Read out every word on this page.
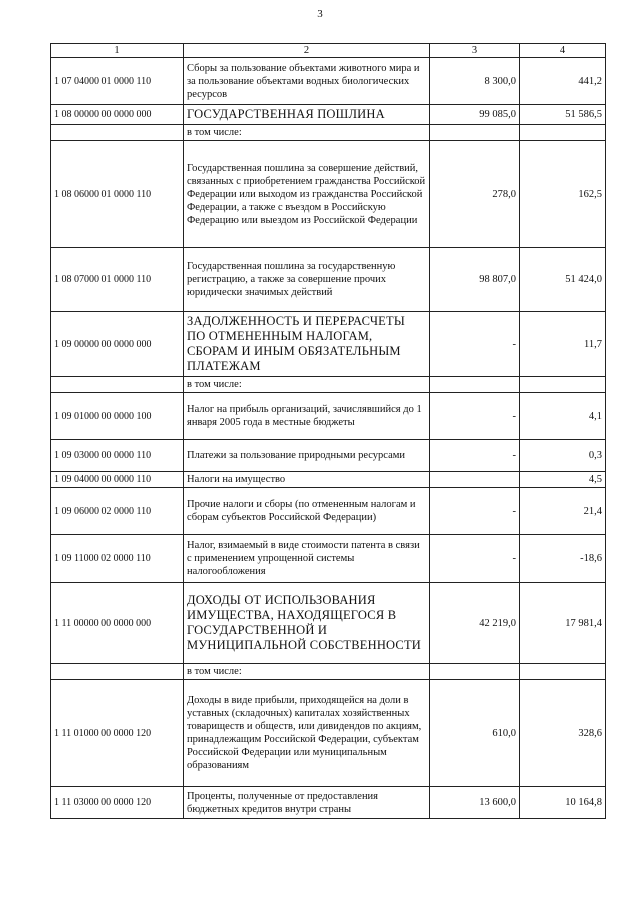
3
1	2	3	4
1 07 04000 01 0000 110	Сборы за пользование объектами животного мира и за пользование объектами водных биологических ресурсов	8 300,0	441,2
1 08 00000 00 0000 000	ГОСУДАРСТВЕННАЯ ПОШЛИНА	99 085,0	51 586,5
	в том числе:		
1 08 06000 01 0000 110	Государственная пошлина за совершение действий, связанных с приобретением гражданства Российской Федерации или выходом из гражданства Российской Федерации, а также с въездом в Российскую Федерацию или выездом из Российской Федерации	278,0	162,5
1 08 07000 01 0000 110	Государственная пошлина за государственную регистрацию, а также за совершение прочих юридически значимых действий	98 807,0	51 424,0
1 09 00000 00 0000 000	ЗАДОЛЖЕННОСТЬ И ПЕРЕРАСЧЕТЫ ПО ОТМЕНЕННЫМ НАЛОГАМ, СБОРАМ И ИНЫМ ОБЯЗАТЕЛЬНЫМ ПЛАТЕЖАМ	-	11,7
	в том числе:		
1 09 01000 00 0000 100	Налог на прибыль организаций, зачислявшийся до 1 января 2005 года в местные бюджеты	-	4,1
1 09 03000 00 0000 110	Платежи за пользование природными ресурсами	-	0,3
1 09 04000 00 0000 110	Налоги на имущество		4,5
1 09 06000 02 0000 110	Прочие налоги и сборы (по отмененным налогам и сборам субъектов Российской Федерации)	-	21,4
1 09 11000 02 0000 110	Налог, взимаемый в виде стоимости патента в связи с применением упрощенной системы налогообложения	-	-18,6
1 11 00000 00 0000 000	ДОХОДЫ ОТ ИСПОЛЬЗОВАНИЯ ИМУЩЕСТВА, НАХОДЯЩЕГОСЯ В ГОСУДАРСТВЕННОЙ И МУНИЦИПАЛЬНОЙ СОБСТВЕННОСТИ	42 219,0	17 981,4
	в том числе:		
1 11 01000 00 0000 120	Доходы в виде прибыли, приходящейся на доли в уставных (складочных) капиталах хозяйственных товариществ и обществ, или дивидендов по акциям, принадлежащим Российской Федерации, субъектам Российской Федерации или муниципальным образованиям	610,0	328,6
1 11 03000 00 0000 120	Проценты, полученные от предоставления бюджетных кредитов внутри страны	13 600,0	10 164,8
